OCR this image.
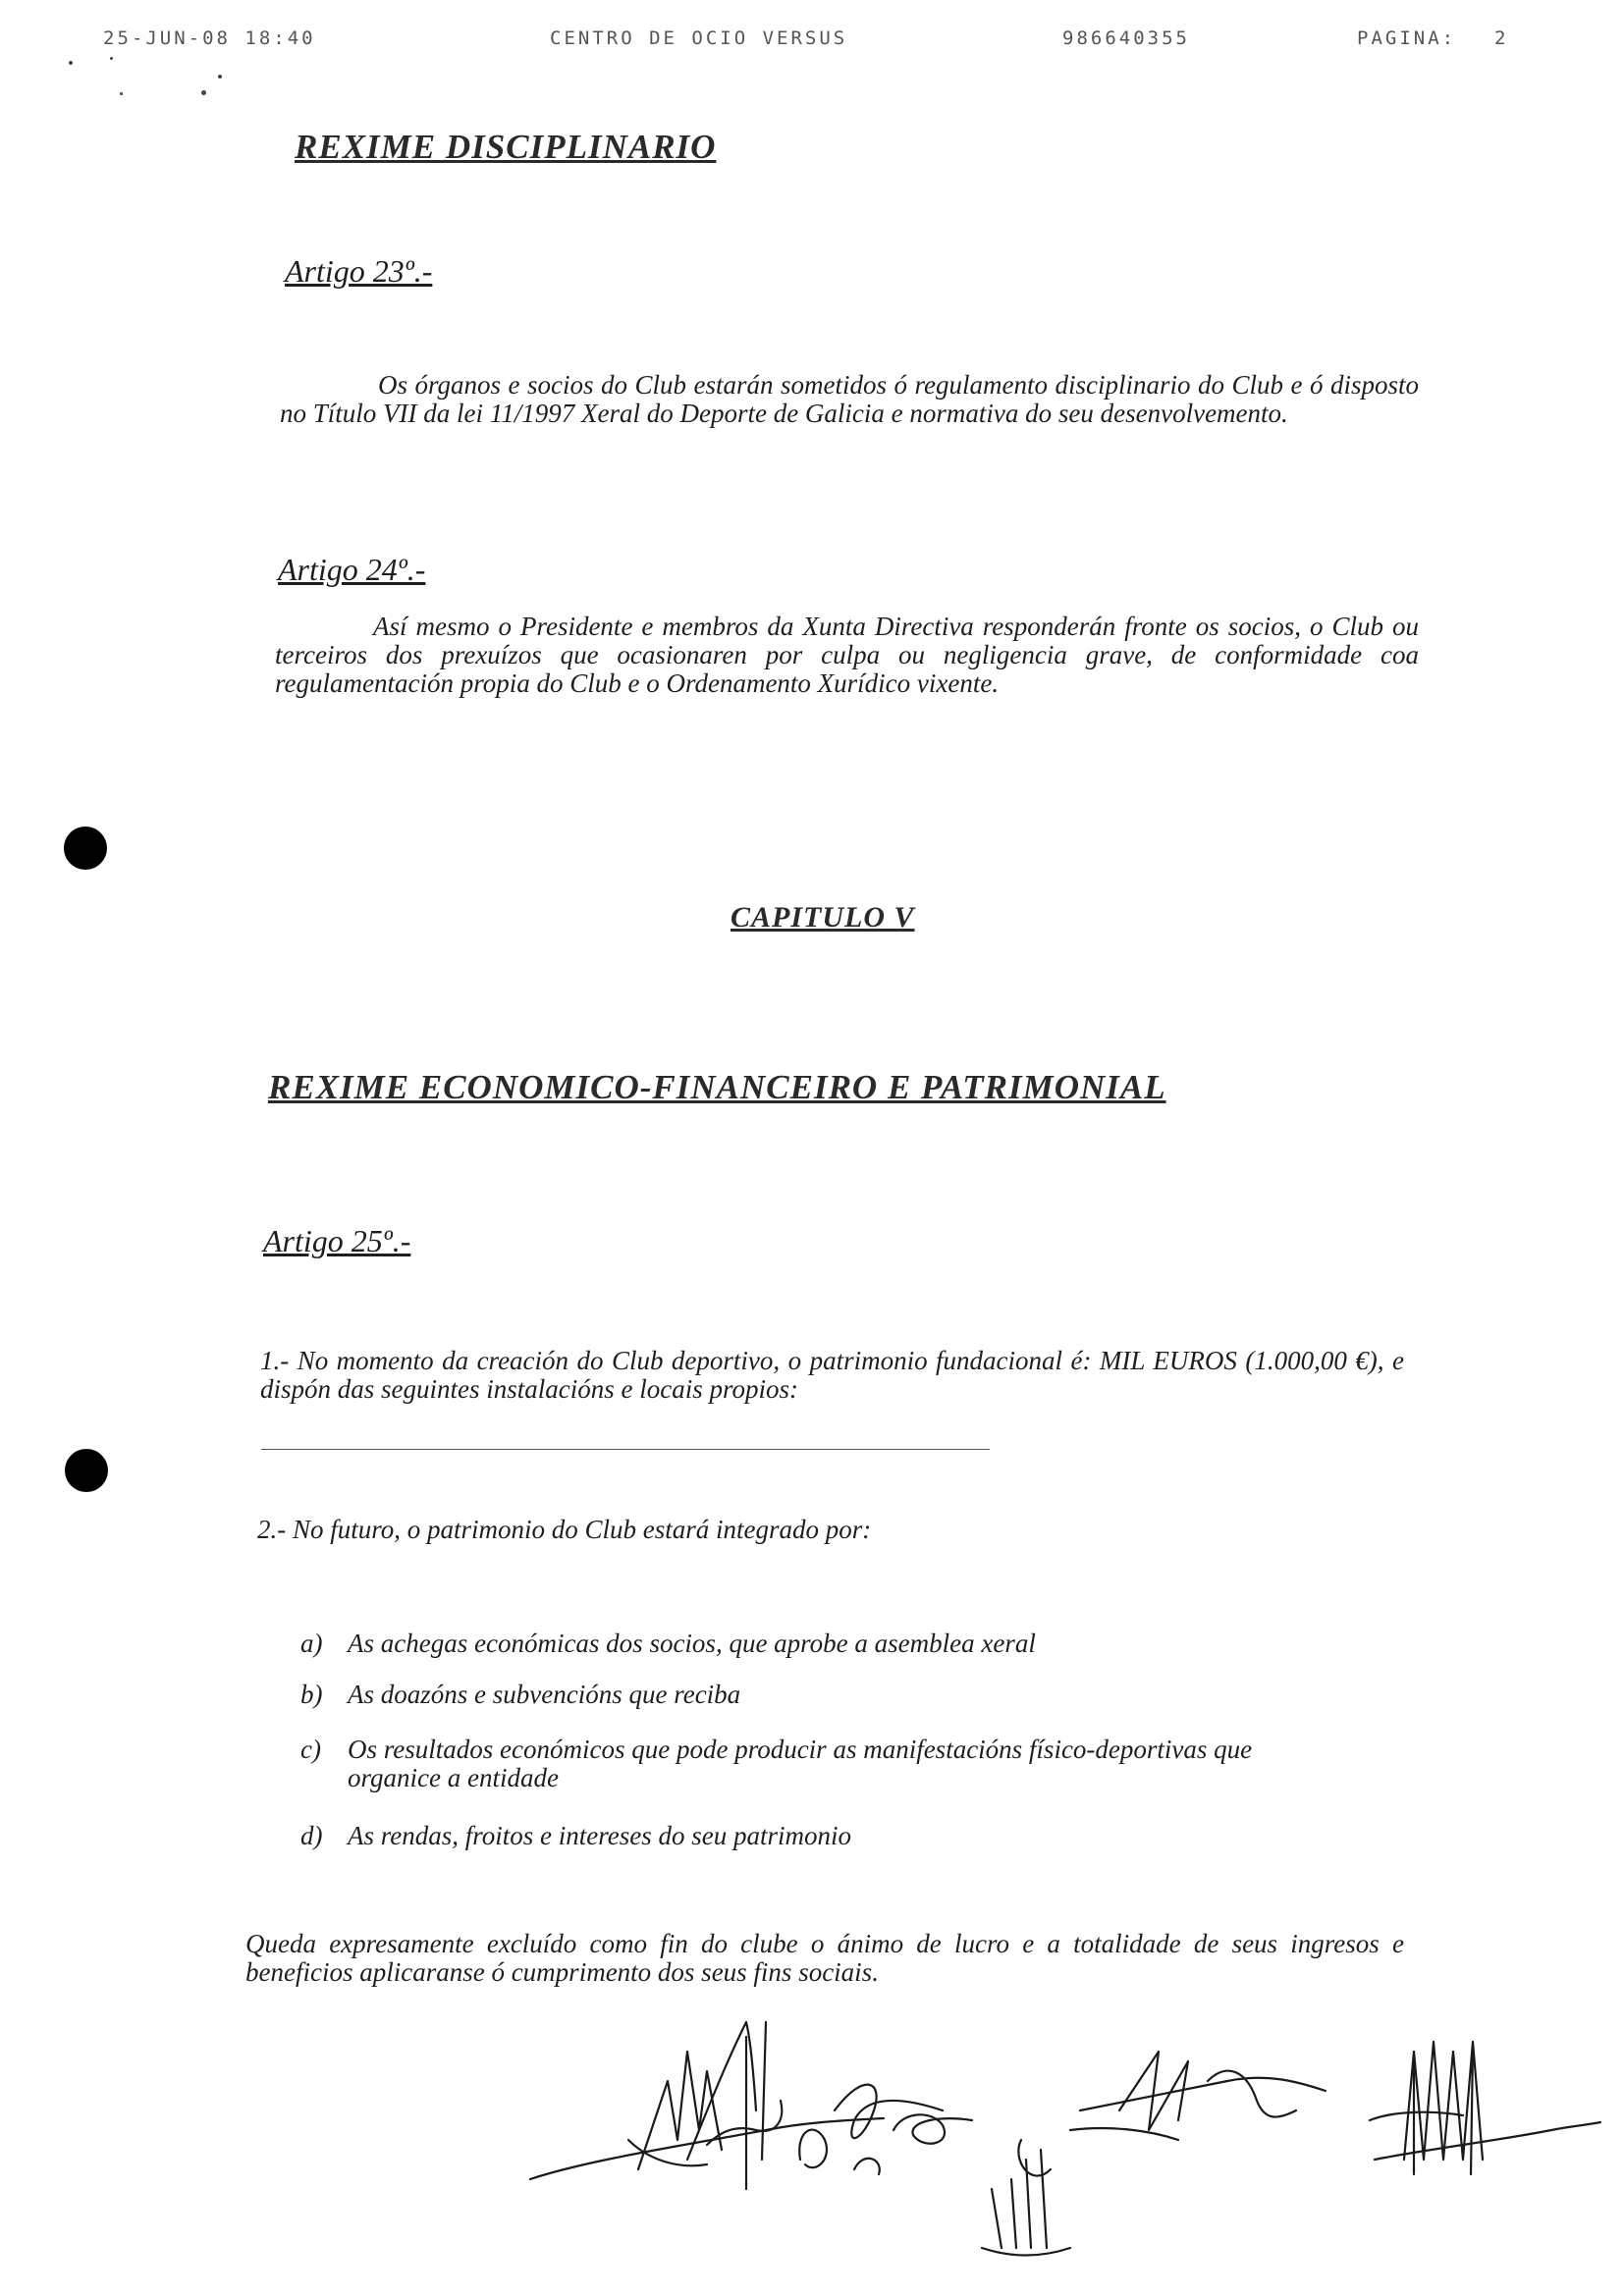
25-JUN-08 18:40	CENTRO DE OCIO VERSUS	986640355	PAGINA: 2
REXIME DISCIPLINARIO
Artigo 23º.-
Os órganos e socios do Club estarán sometidos ó regulamento disciplinario do Club e ó disposto no Título VII da lei 11/1997 Xeral do Deporte de Galicia e normativa do seu desenvolvemento.
Artigo 24º.-
Así mesmo o Presidente e membros da Xunta Directiva responderán fronte os socios, o Club ou terceiros dos prexuízos que ocasionaren por culpa ou negligencia grave, de conformidade coa regulamentación propia do Club e o Ordenamento Xurídico vixente.
CAPITULO V
REXIME ECONOMICO-FINANCEIRO E PATRIMONIAL
Artigo 25º.-
1.- No momento da creación do Club deportivo, o patrimonio fundacional é: MIL EUROS (1.000,00 €), e dispón das seguintes instalacións e locais propios:
2.- No futuro, o patrimonio do Club estará integrado por:
a) As achegas económicas dos socios, que aprobe a asemblea xeral
b) As doazóns e subvencións que reciba
c)	Os resultados económicos que pode producir as manifestacións físico-deportivas que organice a entidade
d) As rendas, froitos e intereses do seu patrimonio
Queda expresamente excluído como fin do clube o ánimo de lucro e a totalidade de seus ingresos e beneficios aplicaranse ó cumprimento dos seus fins sociais.
